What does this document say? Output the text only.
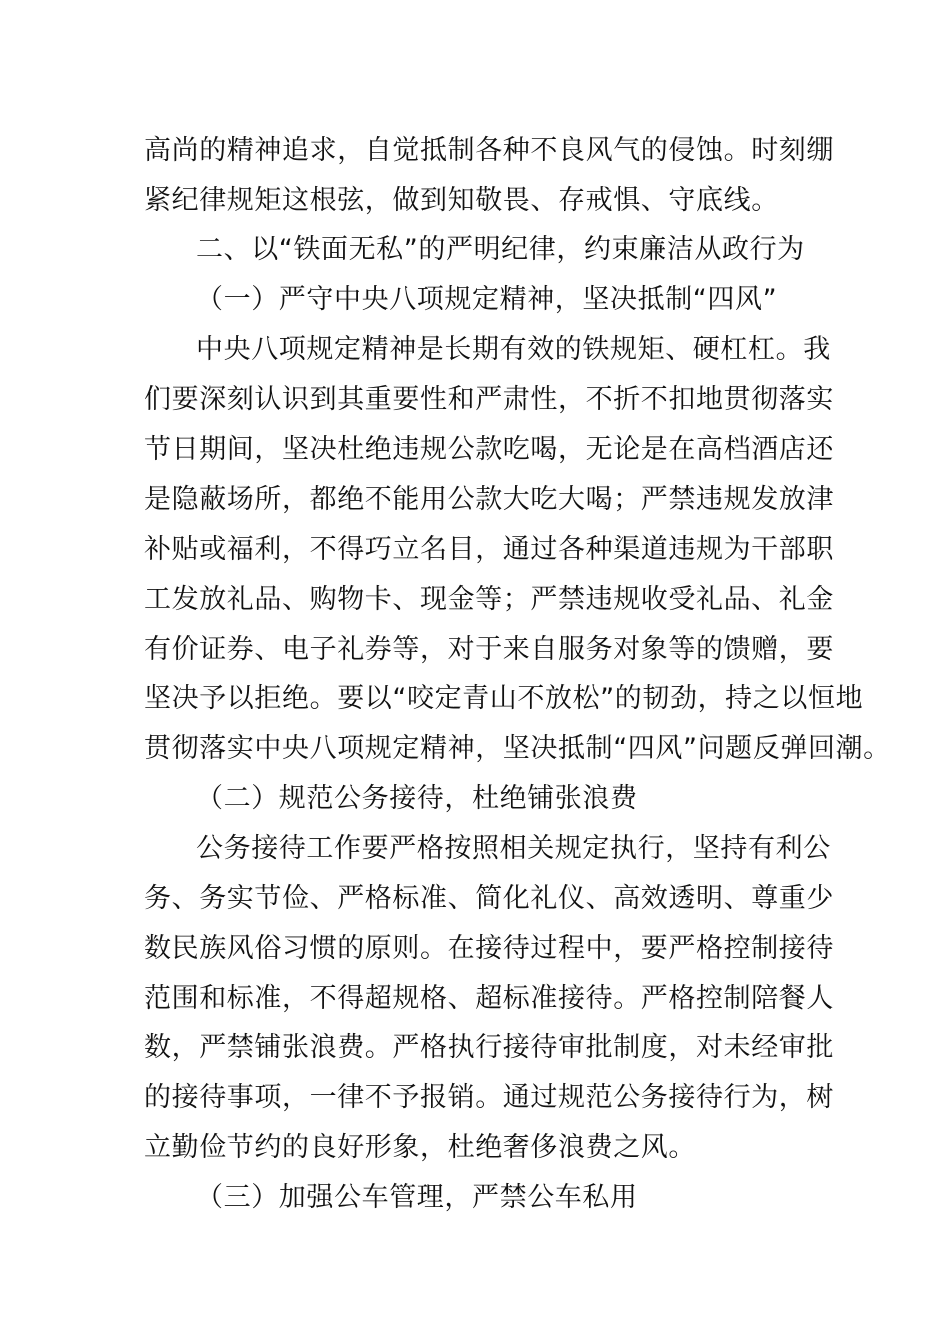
高尚的精神追求，自觉抵制各种不良风气的侵蚀。时刻绷
紧纪律规矩这根弦，做到知敬畏、存戒惧、守底线。
二、以“铁面无私”的严明纪律，约束廉洁从政行为
（一）严守中央八项规定精神，坚决抵制“四风”
中央八项规定精神是长期有效的铁规矩、硬杠杠。我
们要深刻认识到其重要性和严肃性，不折不扣地贯彻落实
节日期间，坚决杜绝违规公款吃喝，无论是在高档酒店还
是隐蔽场所，都绝不能用公款大吃大喝；严禁违规发放津
补贴或福利，不得巧立名目，通过各种渠道违规为干部职
工发放礼品、购物卡、现金等；严禁违规收受礼品、礼金
有价证券、电子礼券等，对于来自服务对象等的馈赠，要
坚决予以拒绝。要以“咬定青山不放松”的韧劲，持之以恒地
贯彻落实中央八项规定精神，坚决抵制“四风”问题反弹回潮。
（二）规范公务接待，杜绝铺张浪费
公务接待工作要严格按照相关规定执行，坚持有利公
务、务实节俭、严格标准、简化礼仪、高效透明、尊重少
数民族风俗习惯的原则。在接待过程中，要严格控制接待
范围和标准，不得超规格、超标准接待。严格控制陪餐人
数，严禁铺张浪费。严格执行接待审批制度，对未经审批
的接待事项，一律不予报销。通过规范公务接待行为，树
立勤俭节约的良好形象，杜绝奢侈浪费之风。
（三）加强公车管理，严禁公车私用
